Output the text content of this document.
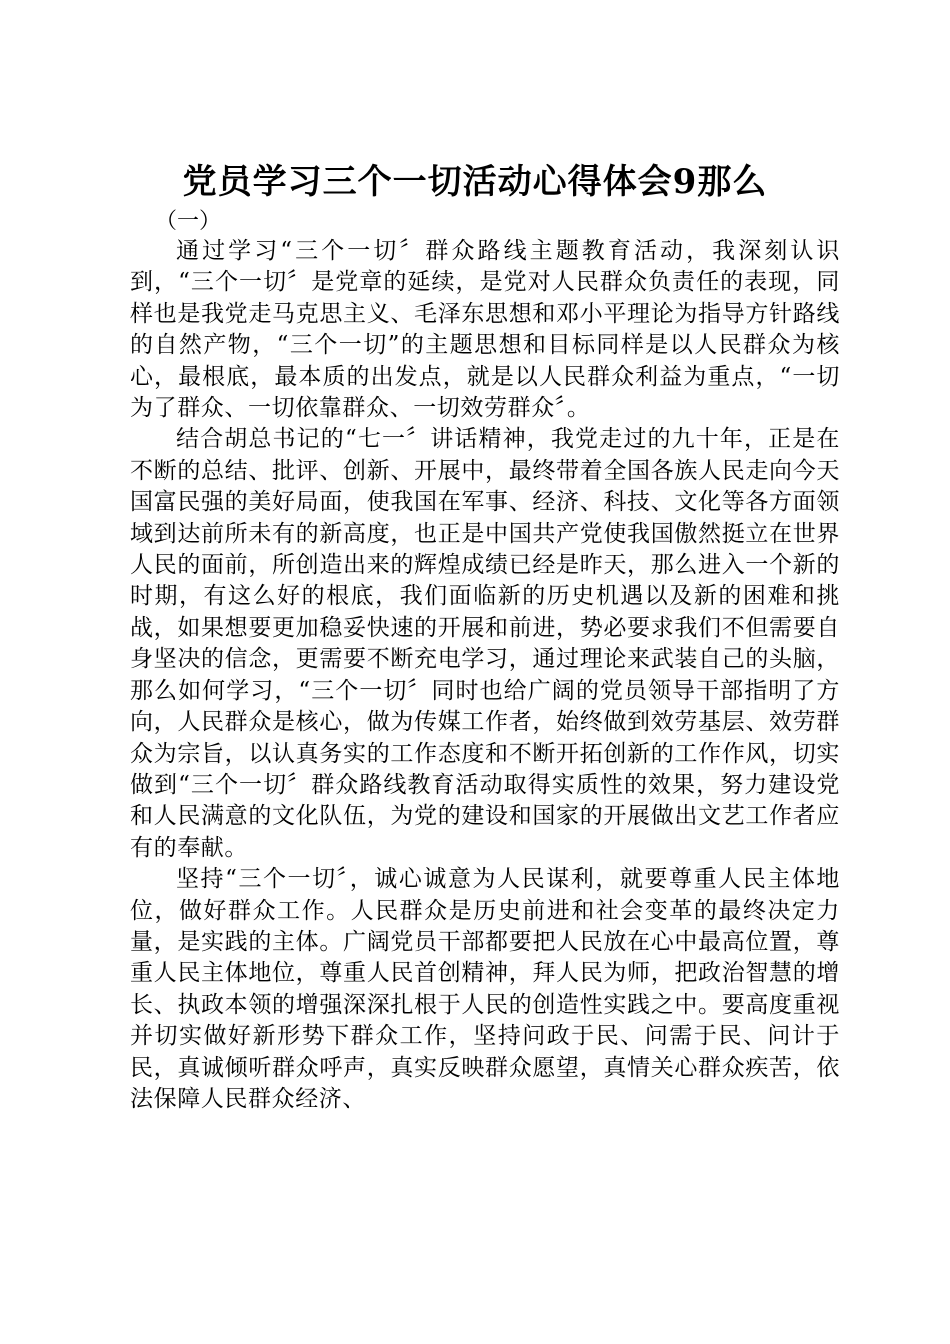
党员学习三个一切活动心得体会9那么
（一）

通过学习“三个一切〞群众路线主题教育活动，我深刻认识到，“三个一切〞是党章的延续，是党对人民群众负责任的表现，同样也是我党走马克思主义、毛泽东思想和邓小平理论为指导方针路线的自然产物，“三个一切”的主题思想和目标同样是以人民群众为核心，最根底，最本质的出发点，就是以人民群众利益为重点，“一切为了群众、一切依靠群众、一切效劳群众〞。

结合胡总书记的“七一〞讲话精神，我党走过的九十年，正是在不断的总结、批评、创新、开展中，最终带着全国各族人民走向今天国富民强的美好局面，使我国在军事、经济、科技、文化等各方面领域到达前所未有的新高度，也正是中国共产党使我国傲然挺立在世界人民的面前，所创造出来的辉煌成绩已经是昨天，那么进入一个新的时期，有这么好的根底，我们面临新的历史机遇以及新的困难和挑战，如果想要更加稳妥快速的开展和前进，势必要求我们不但需要自身坚决的信念，更需要不断充电学习，通过理论来武装自己的头脑，那么如何学习，“三个一切〞同时也给广阔的党员领导干部指明了方向，人民群众是核心，做为传媒工作者，始终做到效劳基层、效劳群众为宗旨，以认真务实的工作态度和不断开拓创新的工作作风，切实做到“三个一切〞群众路线教育活动取得实质性的效果，努力建设党和人民满意的文化队伍，为党的建设和国家的开展做出文艺工作者应有的奉献。

坚持“三个一切〞，诚心诚意为人民谋利，就要尊重人民主体地位，做好群众工作。人民群众是历史前进和社会变革的最终决定力量，是实践的主体。广阔党员干部都要把人民放在心中最高位置，尊重人民主体地位，尊重人民首创精神，拜人民为师，把政治智慧的增长、执政本领的增强深深扎根于人民的创造性实践之中。要高度重视并切实做好新形势下群众工作，坚持问政于民、问需于民、问计于民，真诚倾听群众呼声，真实反映群众愿望，真情关心群众疾苦，依法保障人民群众经济、
